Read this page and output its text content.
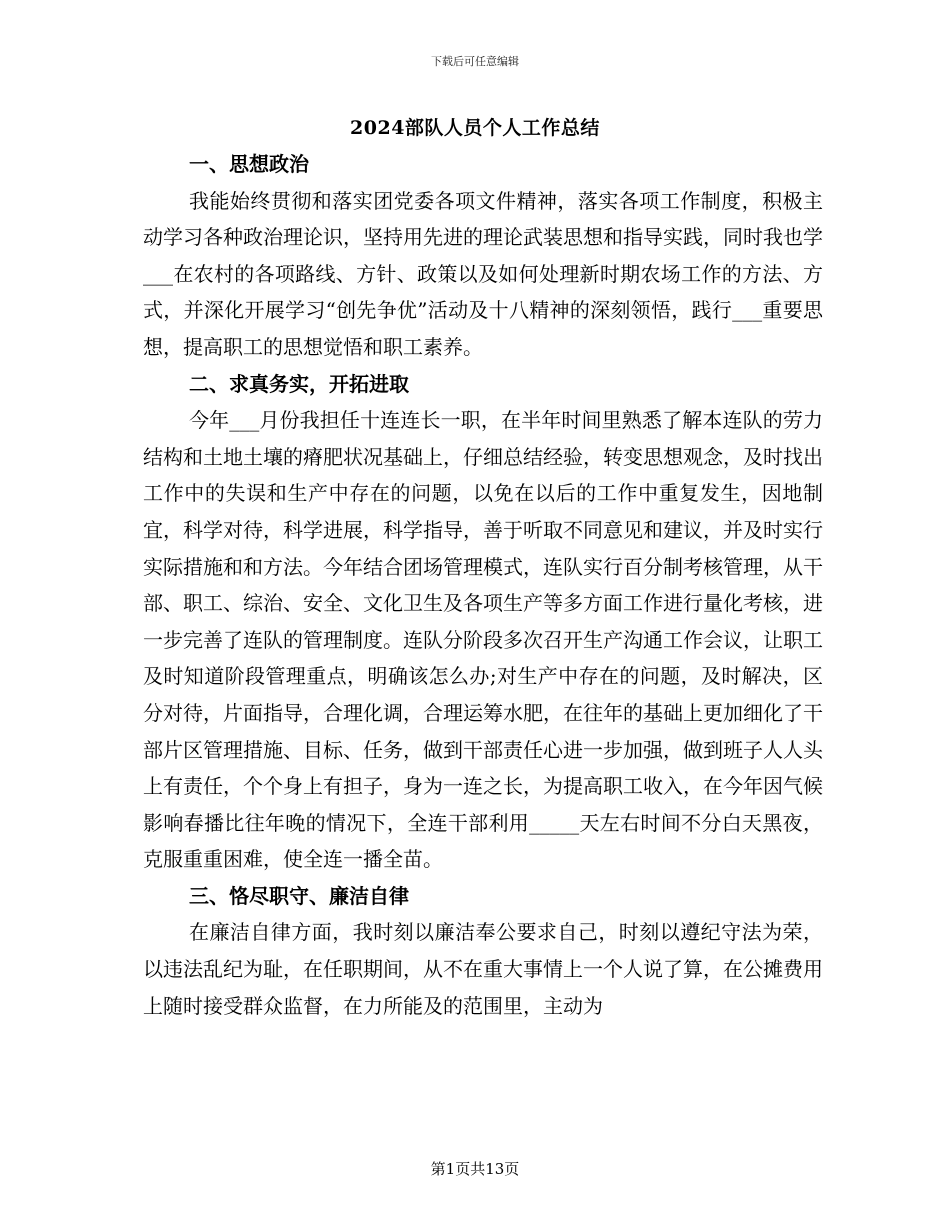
下载后可任意编辑
2024部队人员个人工作总结

一、思想政治

我能始终贯彻和落实团党委各项文件精神，落实各项工作制度，积极主动学习各种政治理论识，坚持用先进的理论武装思想和指导实践，同时我也学___在农村的各项路线、方针、政策以及如何处理新时期农场工作的方法、方式，并深化开展学习“创先争优”活动及十八精神的深刻领悟，践行___重要思想，提高职工的思想觉悟和职工素养。

二、求真务实，开拓进取

今年___月份我担任十连连长一职，在半年时间里熟悉了解本连队的劳力结构和土地土壤的瘠肥状况基础上，仔细总结经验，转变思想观念，及时找出工作中的失误和生产中存在的问题，以免在以后的工作中重复发生，因地制宜，科学对待，科学进展，科学指导，善于听取不同意见和建议，并及时实行实际措施和和方法。今年结合团场管理模式，连队实行百分制考核管理，从干部、职工、综治、安全、文化卫生及各项生产等多方面工作进行量化考核，进一步完善了连队的管理制度。连队分阶段多次召开生产沟通工作会议，让职工及时知道阶段管理重点，明确该怎么办;对生产中存在的问题，及时解决，区分对待，片面指导，合理化调，合理运筹水肥，在往年的基础上更加细化了干部片区管理措施、目标、任务，做到干部责任心进一步加强，做到班子人人头上有责任，个个身上有担子，身为一连之长，为提高职工收入，在今年因气候影响春播比往年晚的情况下，全连干部利用_____天左右时间不分白天黑夜，克服重重困难，使全连一播全苗。

三、恪尽职守、廉洁自律

在廉洁自律方面，我时刻以廉洁奉公要求自己，时刻以遵纪守法为荣，以违法乱纪为耻，在任职期间，从不在重大事情上一个人说了算，在公摊费用上随时接受群众监督，在力所能及的范围里，主动为

第1页共13页
